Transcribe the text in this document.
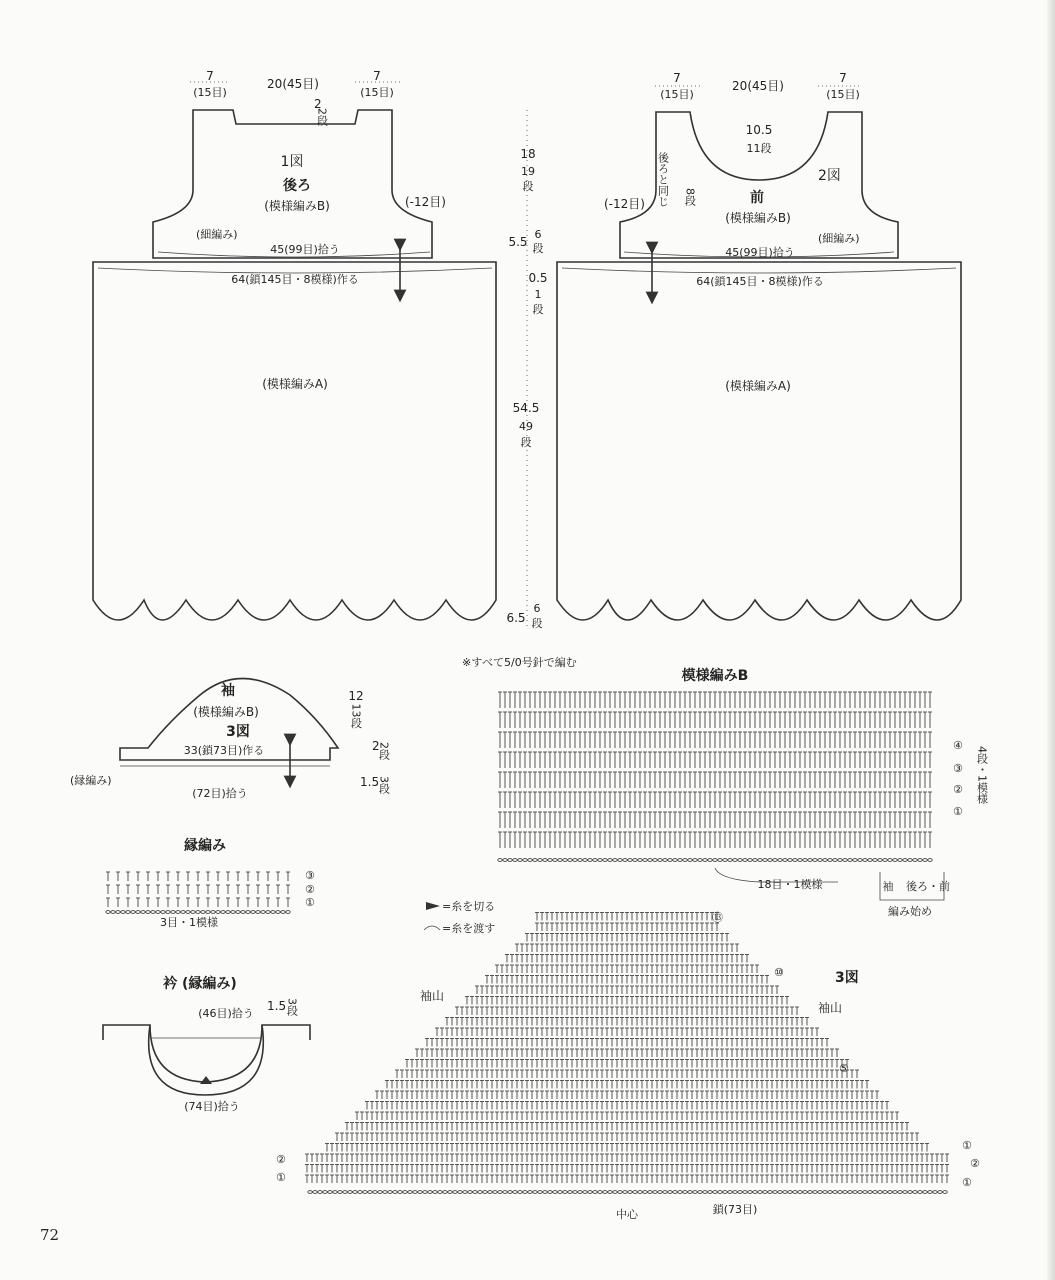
7
(15目)
20(45目)
7
(15目)
2
2段
1図
後ろ
(模様編みB)	(-12目)
(細編み)
45(99目)拾う
64(鎖145目・8模様)作る
(模様編みA)
18
19
段
5.5
6
段
0.5
1
段
54.5
49
段
6.5
6
段
7
(15目)
20(45目)
7
(15目)
10.5
11段
後ろと同じ 8段	前
2図
(模様編みB)
(-12目)
(細編み)
45(99目)拾う
64(鎖145目・8模様)作る
(模様編みA)
※すべて5/0号針で編む
袖
(模様編みB)
3図
33(鎖73目)作る
(縁編み)
(72目)拾う
12
13段
2
2段
1.5
3段
縁編み
3目・1模様
③
②
①
衿 (縁編み)
(46目)拾う
(74目)拾う
1.5 3段
模様編みB
④
③
②
①
4段・1模様
18目・1模様	袖 後ろ・前
編み始め
=糸を切る
=糸を渡す
3図
袖山
袖山
⑬
⑩
⑤
①
②
①
②
①
中心	鎖(73目)
72
